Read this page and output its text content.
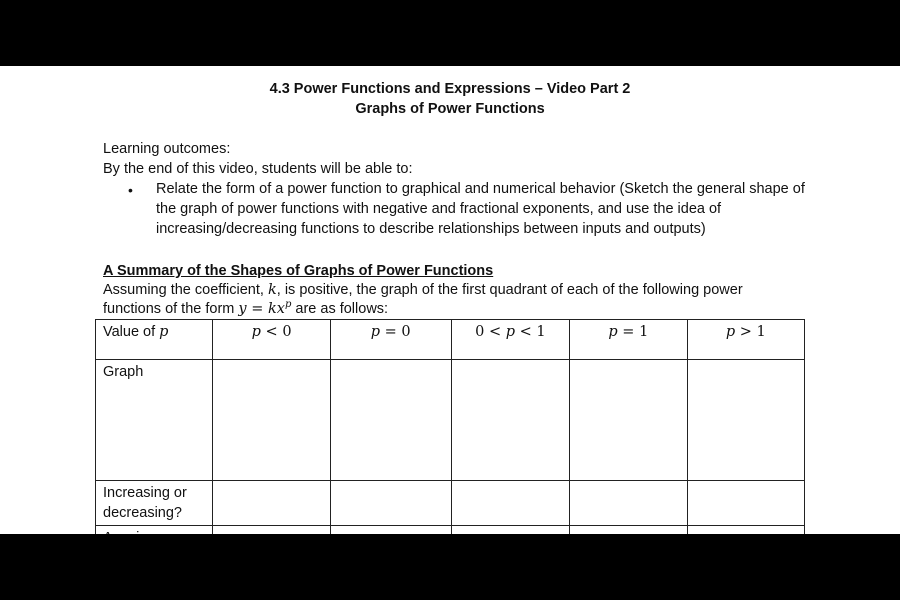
4.3 Power Functions and Expressions – Video Part 2
Graphs of Power Functions
Learning outcomes:
By the end of this video, students will be able to:
• Relate the form of a power function to graphical and numerical behavior (Sketch the general shape of the graph of power functions with negative and fractional exponents, and use the idea of increasing/decreasing functions to describe relationships between inputs and outputs)
A Summary of the Shapes of Graphs of Power Functions
Assuming the coefficient, k, is positive, the graph of the first quadrant of each of the following power
functions of the form $y = kx^p$ are as follows:
Value of p	p < 0	p = 0	0 < p < 1	p = 1	p > 1
Graph					
Increasing or
decreasing?					
